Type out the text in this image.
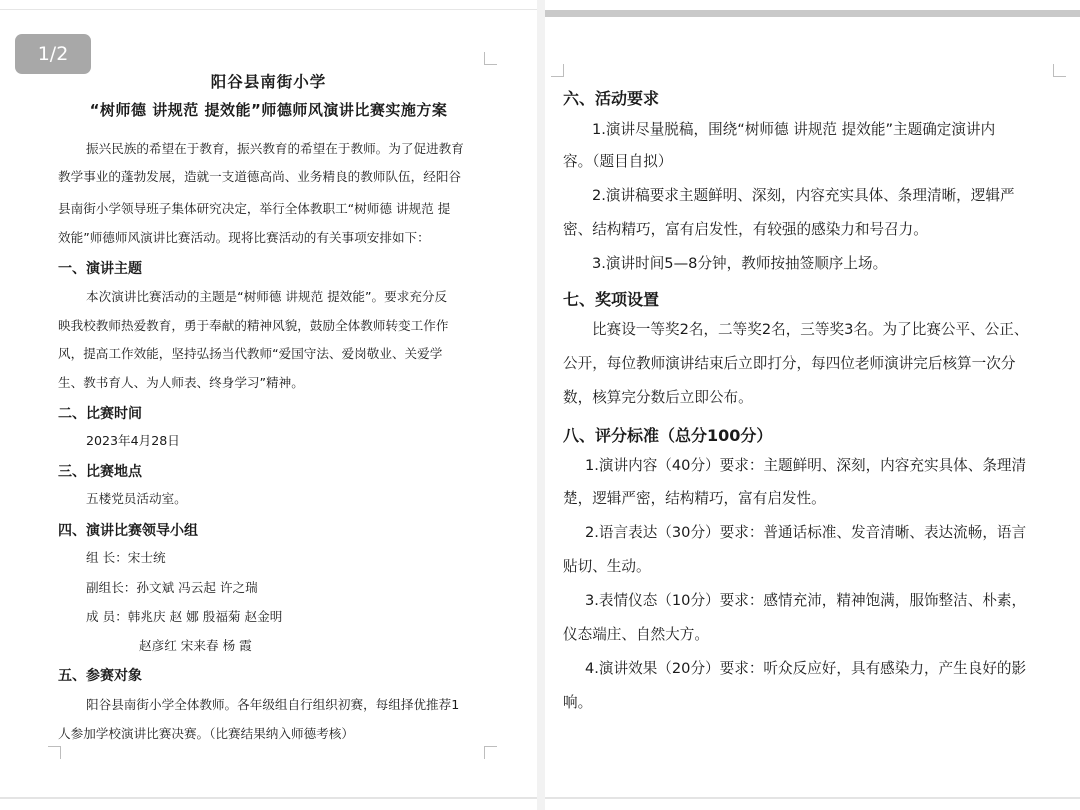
阳谷县南街小学
“树师德 讲规范 提效能”师德师风演讲比赛实施方案
振兴民族的希望在于教育，振兴教育的希望在于教师。为了促进教育
教学事业的蓬勃发展，造就一支道德高尚、业务精良的教师队伍，经阳谷
县南街小学领导班子集体研究决定，举行全体教职工“树师德 讲规范 提
效能”师德师风演讲比赛活动。现将比赛活动的有关事项安排如下：
一、演讲主题
本次演讲比赛活动的主题是“树师德 讲规范 提效能”。要求充分反
映我校教师热爱教育，勇于奉献的精神风貌，鼓励全体教师转变工作作
风，提高工作效能，坚持弘扬当代教师“爱国守法、爱岗敬业、关爱学
生、教书育人、为人师表、终身学习”精神。
二、比赛时间
2023年4月28日
三、比赛地点
五楼党员活动室。
四、演讲比赛领导小组
组 长：宋士统
副组长：孙文斌 冯云起 许之瑞
成 员：韩兆庆 赵 娜 殷福菊 赵金明
赵彦红 宋来春 杨 霞
五、参赛对象
阳谷县南街小学全体教师。各年级组自行组织初赛，每组择优推荐1
人参加学校演讲比赛决赛。（比赛结果纳入师德考核）
1/2
六、活动要求
1.演讲尽量脱稿，围绕“树师德 讲规范 提效能”主题确定演讲内
容。（题目自拟）
2.演讲稿要求主题鲜明、深刻，内容充实具体、条理清晰，逻辑严
密、结构精巧，富有启发性，有较强的感染力和号召力。
3.演讲时间5—8分钟，教师按抽签顺序上场。
七、奖项设置
比赛设一等奖2名，二等奖2名，三等奖3名。为了比赛公平、公正、
公开，每位教师演讲结束后立即打分，每四位老师演讲完后核算一次分
数，核算完分数后立即公布。
八、评分标准（总分100分）
1.演讲内容（40分）要求：主题鲜明、深刻，内容充实具体、条理清
楚，逻辑严密，结构精巧，富有启发性。
2.语言表达（30分）要求：普通话标准、发音清晰、表达流畅，语言
贴切、生动。
3.表情仪态（10分）要求：感情充沛，精神饱满，服饰整洁、朴素，
仪态端庄、自然大方。
4.演讲效果（20分）要求：听众反应好，具有感染力，产生良好的影
响。
